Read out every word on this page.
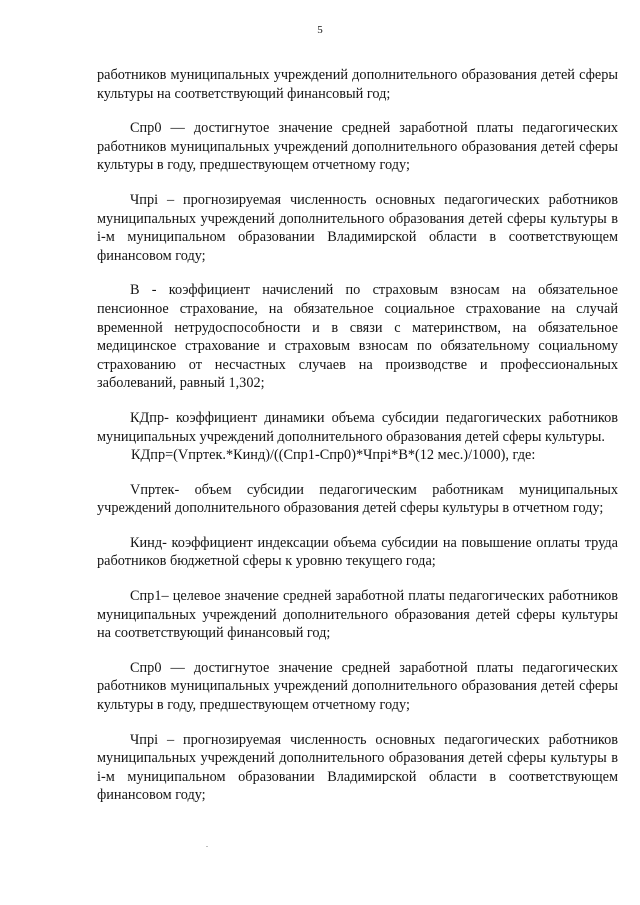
5

работников муниципальных учреждений дополнительного образования детей сферы культуры на соответствующий финансовый год;

Спр0 — достигнутое значение средней заработной платы педагогических работников муниципальных учреждений дополнительного образования детей сферы культуры в году, предшествующем отчетному году;

Чпрі – прогнозируемая численность основных педагогических работников муниципальных учреждений дополнительного образования детей сферы культуры в і-м муниципальном образовании Владимирской области в соответствующем финансовом году;

В - коэффициент начислений по страховым взносам на обязательное пенсионное страхование, на обязательное социальное страхование на случай временной нетрудоспособности и в связи с материнством, на обязательное медицинское страхование и страховым взносам по обязательному социальному страхованию от несчастных случаев на производстве и профессиональных заболеваний, равный 1,302;

КДпр- коэффициент динамики объема субсидии педагогических работников муниципальных учреждений дополнительного образования детей сферы культуры.

КДпр=(Vпртек.*Кинд)/((Спр1-Спр0)*Чпрі*В*(12 мес.)/1000), где:

Vпртек- объем субсидии педагогическим работникам муниципальных учреждений дополнительного образования детей сферы культуры в отчетном году;

Кинд- коэффициент индексации объема субсидии на повышение оплаты труда работников бюджетной сферы к уровню текущего года;

Спр1– целевое значение средней заработной платы педагогических работников муниципальных учреждений дополнительного образования детей сферы культуры на соответствующий финансовый год;

Спр0 — достигнутое значение средней заработной платы педагогических работников муниципальных учреждений дополнительного образования детей сферы культуры в году, предшествующем отчетному году;

Чпрі – прогнозируемая численность основных педагогических работников муниципальных учреждений дополнительного образования детей сферы культуры в і-м муниципальном образовании Владимирской области в соответствующем финансовом году;
